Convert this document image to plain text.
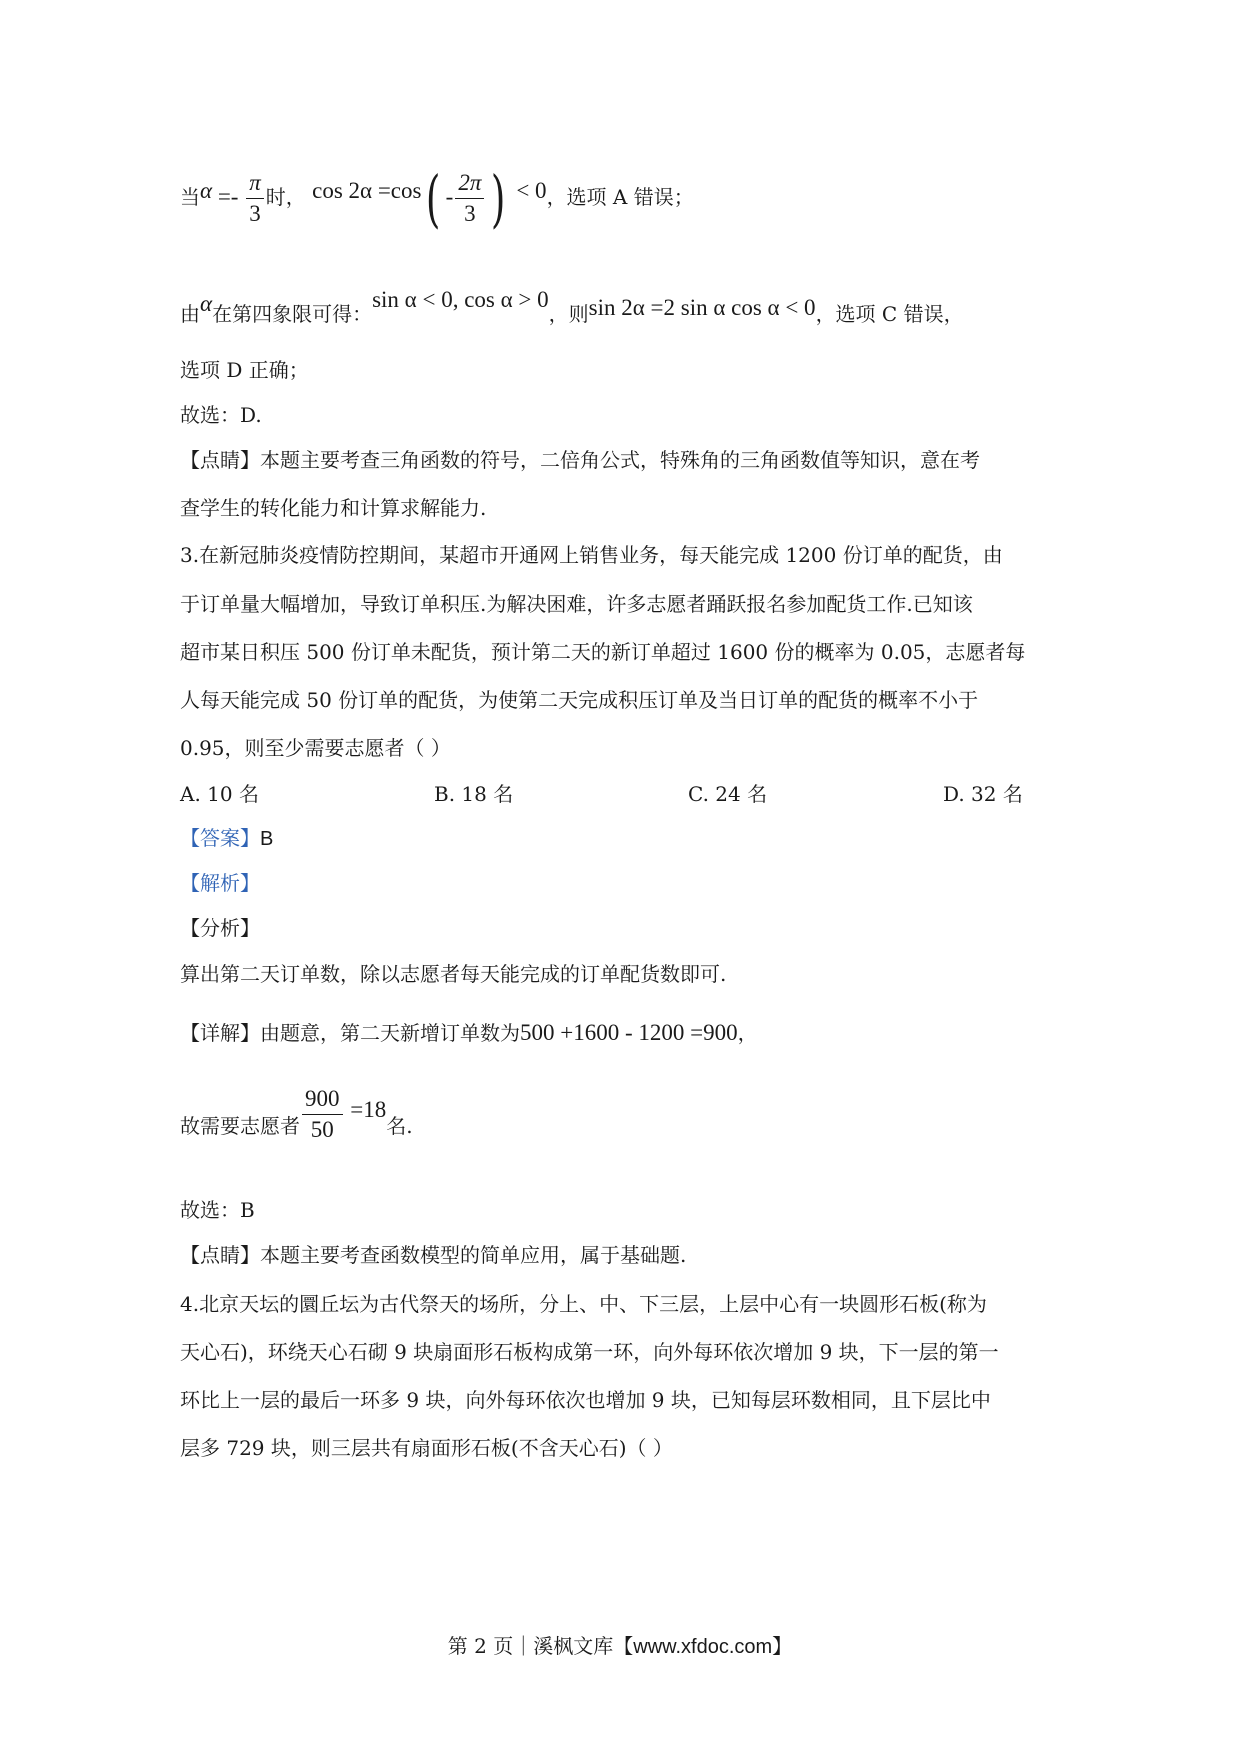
当$\alpha =- \frac{\pi}{3}$ 时， $\cos 2\alpha =\cos( - \frac{2\pi}{3}$ ) < 0，选项 A 错误；
由α在第四象限可得：sin α < 0, cos α > 0，则sin 2α =2 sin α cos α < 0，选项 C 错误，
选项 D 正确；
故选：D.
【点睛】本题主要考查三角函数的符号，二倍角公式，特殊角的三角函数值等知识，意在考
查学生的转化能力和计算求解能力.
3.在新冠肺炎疫情防控期间，某超市开通网上销售业务，每天能完成 1200 份订单的配货，由
于订单量大幅增加，导致订单积压.为解决困难，许多志愿者踊跃报名参加配货工作.已知该
超市某日积压 500 份订单未配货，预计第二天的新订单超过 1600 份的概率为 0.05，志愿者每
人每天能完成 50 份订单的配货，为使第二天完成积压订单及当日订单的配货的概率不小于
0.95，则至少需要志愿者（ ）
A. 10 名	B. 18 名	C. 24 名	D. 32 名
【答案】B
【解析】
【分析】
算出第二天订单数，除以志愿者每天能完成的订单配货数即可.
【详解】由题意，第二天新增订单数为500 +1600 - 1200 =900，
故需要志愿者 $\frac{900}{50} =18$名.
故选：B
【点睛】本题主要考查函数模型的简单应用，属于基础题.
4.北京天坛的圜丘坛为古代祭天的场所，分上、中、下三层，上层中心有一块圆形石板(称为
天心石)，环绕天心石砌 9 块扇面形石板构成第一环，向外每环依次增加 9 块，下一层的第一
环比上一层的最后一环多 9 块，向外每环依次也增加 9 块，已知每层环数相同，且下层比中
层多 729 块，则三层共有扇面形石板(不含天心石)（ ）
第 2 页｜溪枫文库【www.xfdoc.com】
